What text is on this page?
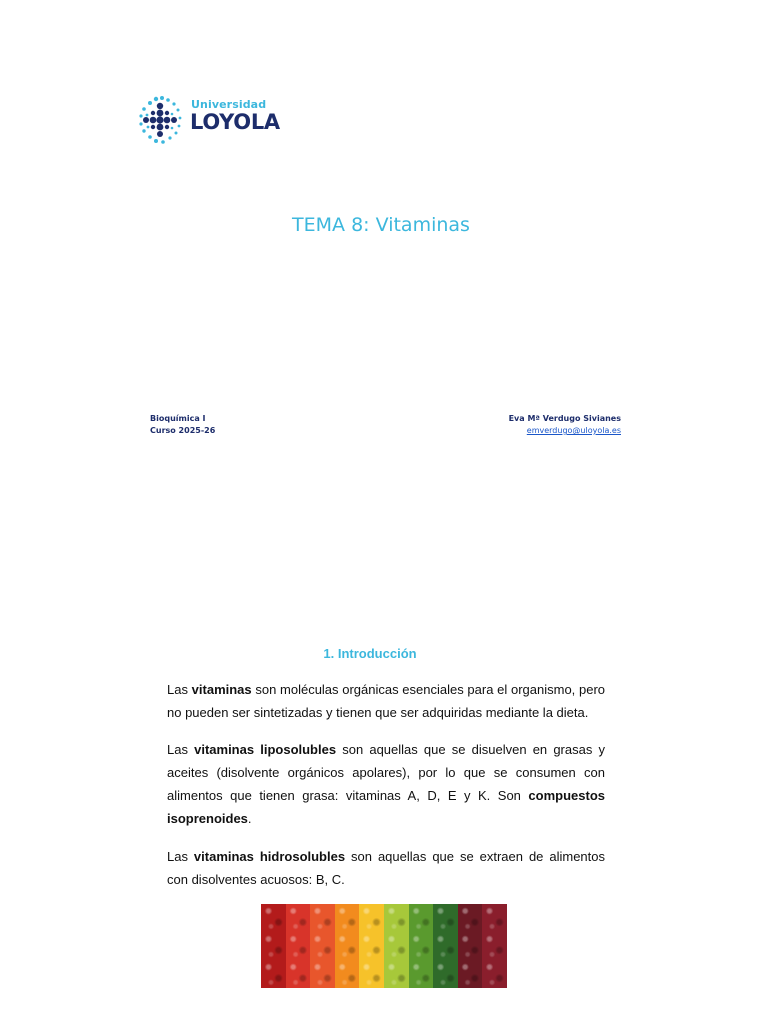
Universidad
LOYOLA
TEMA 8: Vitaminas
Bioquímica I
Curso 2025-26
Eva Mª Verdugo Sivianes
emverdugo@uloyola.es
1. Introducción
Las vitaminas son moléculas orgánicas esenciales para el organismo, pero no pueden ser sintetizadas y tienen que ser adquiridas mediante la dieta.
Las vitaminas liposolubles son aquellas que se disuelven en grasas y aceites (disolvente orgánicos apolares), por lo que se consumen con alimentos que tienen grasa: vitaminas A, D, E y K. Son compuestos isoprenoides.
Las vitaminas hidrosolubles son aquellas que se extraen de alimentos con disolventes acuosos: B, C.
